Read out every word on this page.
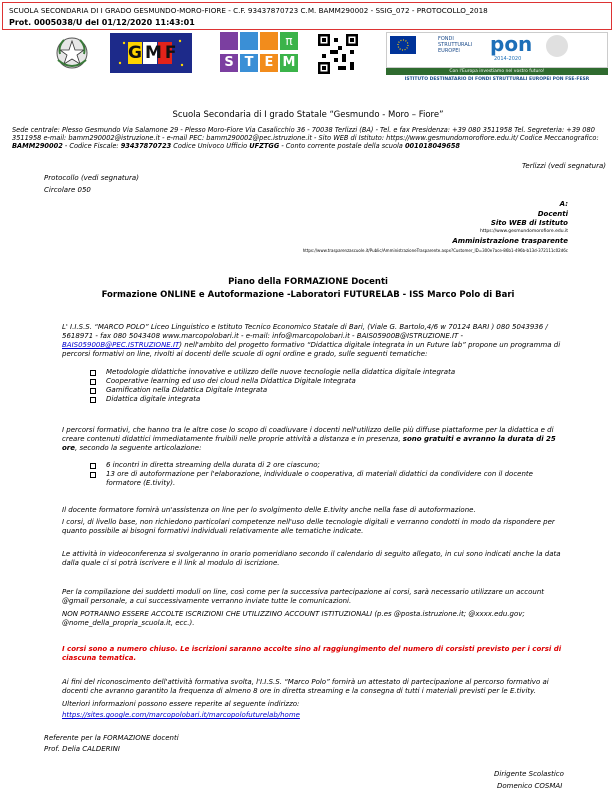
SCUOLA SECONDARIA DI I GRADO GESMUNDO-MORO-FIORE - C.F. 93437870723 C.M. BAMM290002 - SSIG_072 - PROTOCOLLO_2018
Prot. 0005038/U del 01/12/2020 11:43:01
GMF
π
S T E M
FONDI
STRUTTURALI
EUROPEI	pon
2014-2020
Con l'Europa investiamo nel vostro futuro!
ISTITUTO DESTINATARIO DI FONDI STRUTTURALI EUROPEI PON FSE-FESR
Scuola Secondaria di I grado Statale “Gesmundo - Moro – Fiore”
Sede centrale: Plesso Gesmundo Via Salamone 29 - Plesso Moro-Fiore Via Casalicchio 36 - 70038 Terlizzi (BA) - Tel. e fax Presidenza: +39 080 3511958 Tel. Segreteria: +39 080 3511958 e-mail: bamm290002@istruzione.it - e-mail PEC: bamm290002@pec.istruzione.it - Sito WEB di Istituto: https://www.gesmundomorofiore.edu.it/ Codice Meccanografico: BAMM290002 - Codice Fiscale: 93437870723 Codice Univoco Ufficio UFZTGG - Conto corrente postale della scuola 001018049658
Terlizzi (vedi segnatura)
Protocollo (vedi segnatura)
Circolare 050
A:
Docenti
Sito WEB di Istituto
https://www.gesmundomorofiore.edu.it
Amministrazione trasparente
https://www.trasparenzascuole.it/Public/AmministrazioneTrasparente.aspx?Customer_ID=300e7ace-86b1-496b-b13d-372111c02d6c
Piano della FORMAZIONE Docenti
Formazione ONLINE e Autoformazione -Laboratori FUTURELAB - ISS Marco Polo di Bari
L' I.I.S.S. “MARCO POLO” Liceo Linguistico e Istituto Tecnico Economico Statale di Bari, (Viale G. Bartolo,4/6 w 70124 BARI ) 080 5043936 / 5618971 - fax 080 5043408 www.marcopolobari.it - e-mail: info@marcopolobari.it - BAIS05900B@ISTRUZIONE.IT - BAIS05900B@PEC.ISTRUZIONE.IT) nell'ambito del progetto formativo “Didattica digitale integrata in un Future lab” propone un programma di percorsi formativi on line, rivolti ai docenti delle scuole di ogni ordine e grado, sulle seguenti tematiche:
Metodologie didattiche innovative e utilizzo delle nuove tecnologie nella didattica digitale integrata
Cooperative learning ed uso dei cloud nella Didattica Digitale Integrata
Gamification nella Didattica Digitale Integrata
Didattica digitale integrata
I percorsi formativi, che hanno tra le altre cose lo scopo di coadiuvare i docenti nell'utilizzo delle più diffuse piattaforme per la didattica e di creare contenuti didattici immediatamente fruibili nelle proprie attività a distanza e in presenza, sono gratuiti e avranno la durata di 25 ore, secondo la seguente articolazione:
6 incontri in diretta streaming della durata di 2 ore ciascuno;
13 ore di autoformazione per l'elaborazione, individuale o cooperativa, di materiali didattici da condividere con il docente formatore (E.tivity).
Il docente formatore fornirà un'assistenza on line per lo svolgimento delle E.tivity anche nella fase di autoformazione.
I corsi, di livello base, non richiedono particolari competenze nell'uso delle tecnologie digitali e verranno condotti in modo da rispondere per quanto possibile ai bisogni formativi individuali relativamente alle tematiche indicate.
Le attività in videoconferenza si svolgeranno in orario pomeridiano secondo il calendario di seguito allegato, in cui sono indicati anche la data dalla quale ci si potrà iscrivere e il link al modulo di iscrizione.
Per la compilazione dei suddetti moduli on line, così come per la successiva partecipazione ai corsi, sarà necessario utilizzare un account @gmail personale, a cui successivamente verranno inviate tutte le comunicazioni.
NON POTRANNO ESSERE ACCOLTE ISCRIZIONI CHE UTILIZZINO ACCOUNT ISTITUZIONALI (p.es @posta.istruzione.it; @xxxx.edu.gov; @nome_della_propria_scuola.it, ecc.).
I corsi sono a numero chiuso. Le iscrizioni saranno accolte sino al raggiungimento del numero di corsisti previsto per i corsi di ciascuna tematica.
Ai fini del riconoscimento dell'attività formativa svolta, l'I.I.S.S. “Marco Polo” fornirà un attestato di partecipazione al percorso formativo ai docenti che avranno garantito la frequenza di almeno 8 ore in diretta streaming e la consegna di tutti i materiali previsti per le E.tivity.
Ulteriori informazioni possono essere reperite al seguente indirizzo:
https://sites.google.com/marcopolobari.it/marcopolofuturelab/home
Referente per la FORMAZIONE docenti
Prof. Delia CALDERINI
Dirigente Scolastico
Domenico COSMAI
